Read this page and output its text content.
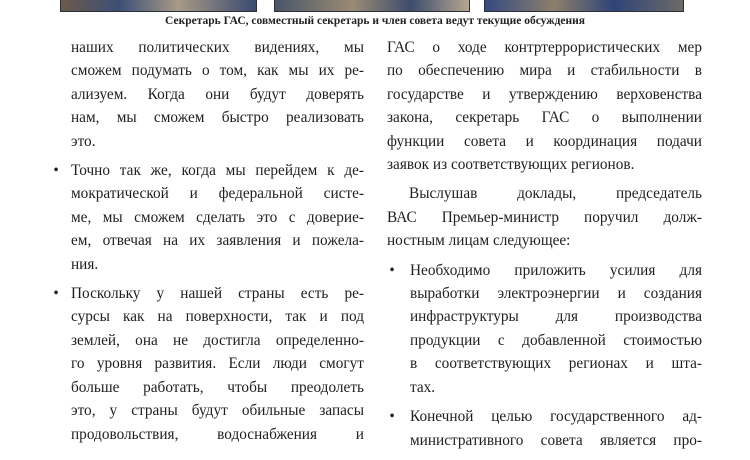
Секретарь ГАС, совместный секретарь и член совета ведут текущие обсуждения

наших политических видениях, мы
сможем подумать о том, как мы их ре-
ализуем. Когда они будут доверять
нам, мы сможем быстро реализовать
это.

• Точно так же, когда мы перейдем к де-
мократической и федеральной систе-
ме, мы сможем сделать это с доверие-
ем, отвечая на их заявления и пожела-
ния.

• Поскольку у нашей страны есть ре-
сурсы как на поверхности, так и под
землей, она не достигла определенно-
го уровня развития. Если люди смогут
больше работать, чтобы преодолеть
это, у страны будут обильные запасы
продовольствия, водоснабжения и

ГАС о ходе контртеррористических мер
по обеспечению мира и стабильности в
государстве и утверждению верховенства
закона, секретарь ГАС о выполнении
функции совета и координация подачи
заявок из соответствующих регионов.

Выслушав доклады, председатель

ВАС Премьер-министр поручил долж-
ностным лицам следующее:

• Необходимо приложить усилия для
выработки электроэнергии и создания
инфраструктуры для производства
продукции с добавленной стоимостью
в соответствующих регионах и шта-
тах.

• Конечной целью государственного ад-
министративного совета является про-
